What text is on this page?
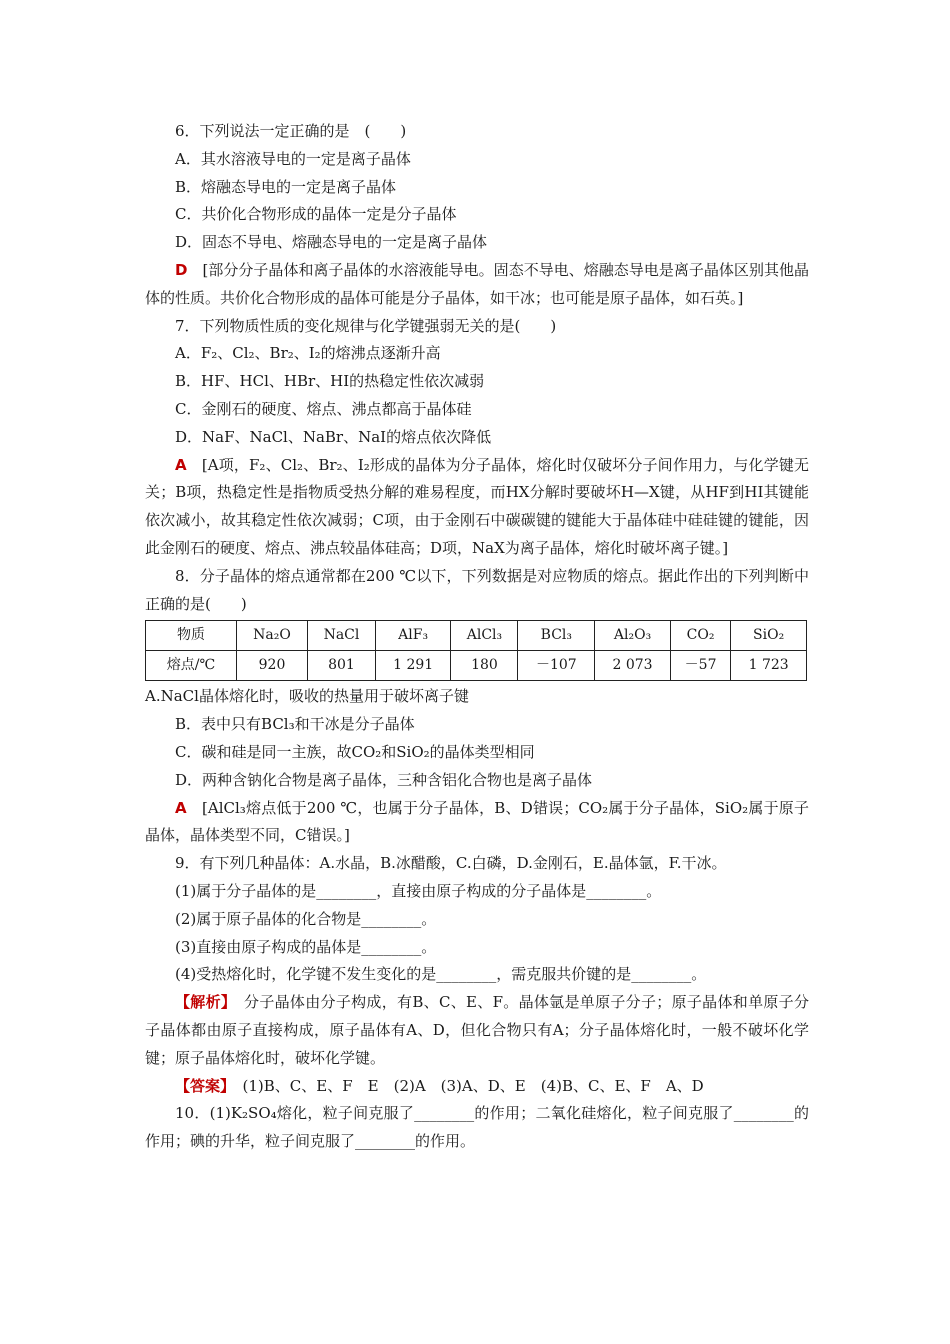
6．下列说法一定正确的是　(　　)
A．其水溶液导电的一定是离子晶体
B．熔融态导电的一定是离子晶体
C．共价化合物形成的晶体一定是分子晶体
D．固态不导电、熔融态导电的一定是离子晶体
D　 [部分分子晶体和离子晶体的水溶液能导电。固态不导电、熔融态导电是离子晶体区别其他晶体的性质。共价化合物形成的晶体可能是分子晶体，如干冰；也可能是原子晶体，如石英。]
7．下列物质性质的变化规律与化学键强弱无关的是(　　)
A．F₂、Cl₂、Br₂、I₂的熔沸点逐渐升高
B．HF、HCl、HBr、HI的热稳定性依次减弱
C．金刚石的硬度、熔点、沸点都高于晶体硅
D．NaF、NaCl、NaBr、NaI的熔点依次降低
A　 [A项，F₂、Cl₂、Br₂、I₂形成的晶体为分子晶体，熔化时仅破坏分子间作用力，与化学键无关；B项，热稳定性是指物质受热分解的难易程度，而HX分解时要破坏H—X键，从HF到HI其键能依次减小，故其稳定性依次减弱；C项，由于金刚石中碳碳键的键能大于晶体硅中硅硅键的键能，因此金刚石的硬度、熔点、沸点较晶体硅高；D项，NaX为离子晶体，熔化时破坏离子键。]
8．分子晶体的熔点通常都在200 ℃以下，下列数据是对应物质的熔点。据此作出的下列判断中正确的是(　　)
物质	Na₂O	NaCl	AlF₃	AlCl₃	BCl₃	Al₂O₃	CO₂	SiO₂
熔点/℃	920	801	1 291	180	－107	2 073	－57	1 723
A.NaCl晶体熔化时，吸收的热量用于破坏离子键
B．表中只有BCl₃和干冰是分子晶体
C．碳和硅是同一主族，故CO₂和SiO₂的晶体类型相同
D．两种含钠化合物是离子晶体，三种含铝化合物也是离子晶体
A　 [AlCl₃熔点低于200 ℃，也属于分子晶体，B、D错误；CO₂属于分子晶体，SiO₂属于原子晶体，晶体类型不同，C错误。]
9．有下列几种晶体：A.水晶，B.冰醋酸，C.白磷，D.金刚石，E.晶体氩，F.干冰。
(1)属于分子晶体的是________，直接由原子构成的分子晶体是________。
(2)属于原子晶体的化合物是________。
(3)直接由原子构成的晶体是________。
(4)受热熔化时，化学键不发生变化的是________，需克服共价键的是________。
【解析】　 分子晶体由分子构成，有B、C、E、F。晶体氩是单原子分子；原子晶体和单原子分子晶体都由原子直接构成，原子晶体有A、D，但化合物只有A；分子晶体熔化时，一般不破坏化学键；原子晶体熔化时，破坏化学键。
【答案】　 (1)B、C、E、F　E　(2)A　(3)A、D、E　(4)B、C、E、F　A、D
10．(1)K₂SO₄熔化，粒子间克服了________的作用；二氧化硅熔化，粒子间克服了________的作用；碘的升华，粒子间克服了________的作用。
